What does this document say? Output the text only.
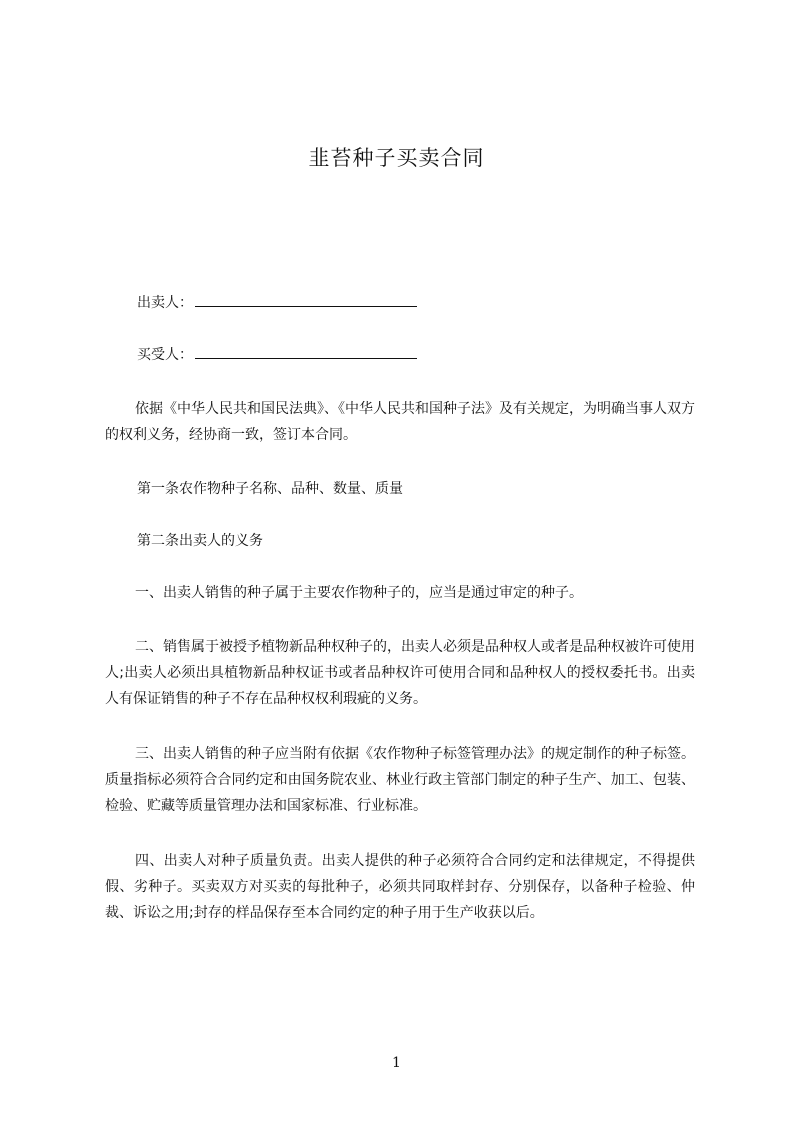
韭苔种子买卖合同
出卖人：
买受人：
依据《中华人民共和国民法典》、《中华人民共和国种子法》及有关规定，为明确当事人双方的权利义务，经协商一致，签订本合同。
第一条农作物种子名称、品种、数量、质量
第二条出卖人的义务
一、出卖人销售的种子属于主要农作物种子的，应当是通过审定的种子。
二、销售属于被授予植物新品种权种子的，出卖人必须是品种权人或者是品种权被许可使用人;出卖人必须出具植物新品种权证书或者品种权许可使用合同和品种权人的授权委托书。出卖人有保证销售的种子不存在品种权权利瑕疵的义务。
三、出卖人销售的种子应当附有依据《农作物种子标签管理办法》的规定制作的种子标签。质量指标必须符合合同约定和由国务院农业、林业行政主管部门制定的种子生产、加工、包装、检验、贮藏等质量管理办法和国家标准、行业标准。
四、出卖人对种子质量负责。出卖人提供的种子必须符合合同约定和法律规定，不得提供假、劣种子。买卖双方对买卖的每批种子，必须共同取样封存、分别保存，以备种子检验、仲裁、诉讼之用;封存的样品保存至本合同约定的种子用于生产收获以后。
1
